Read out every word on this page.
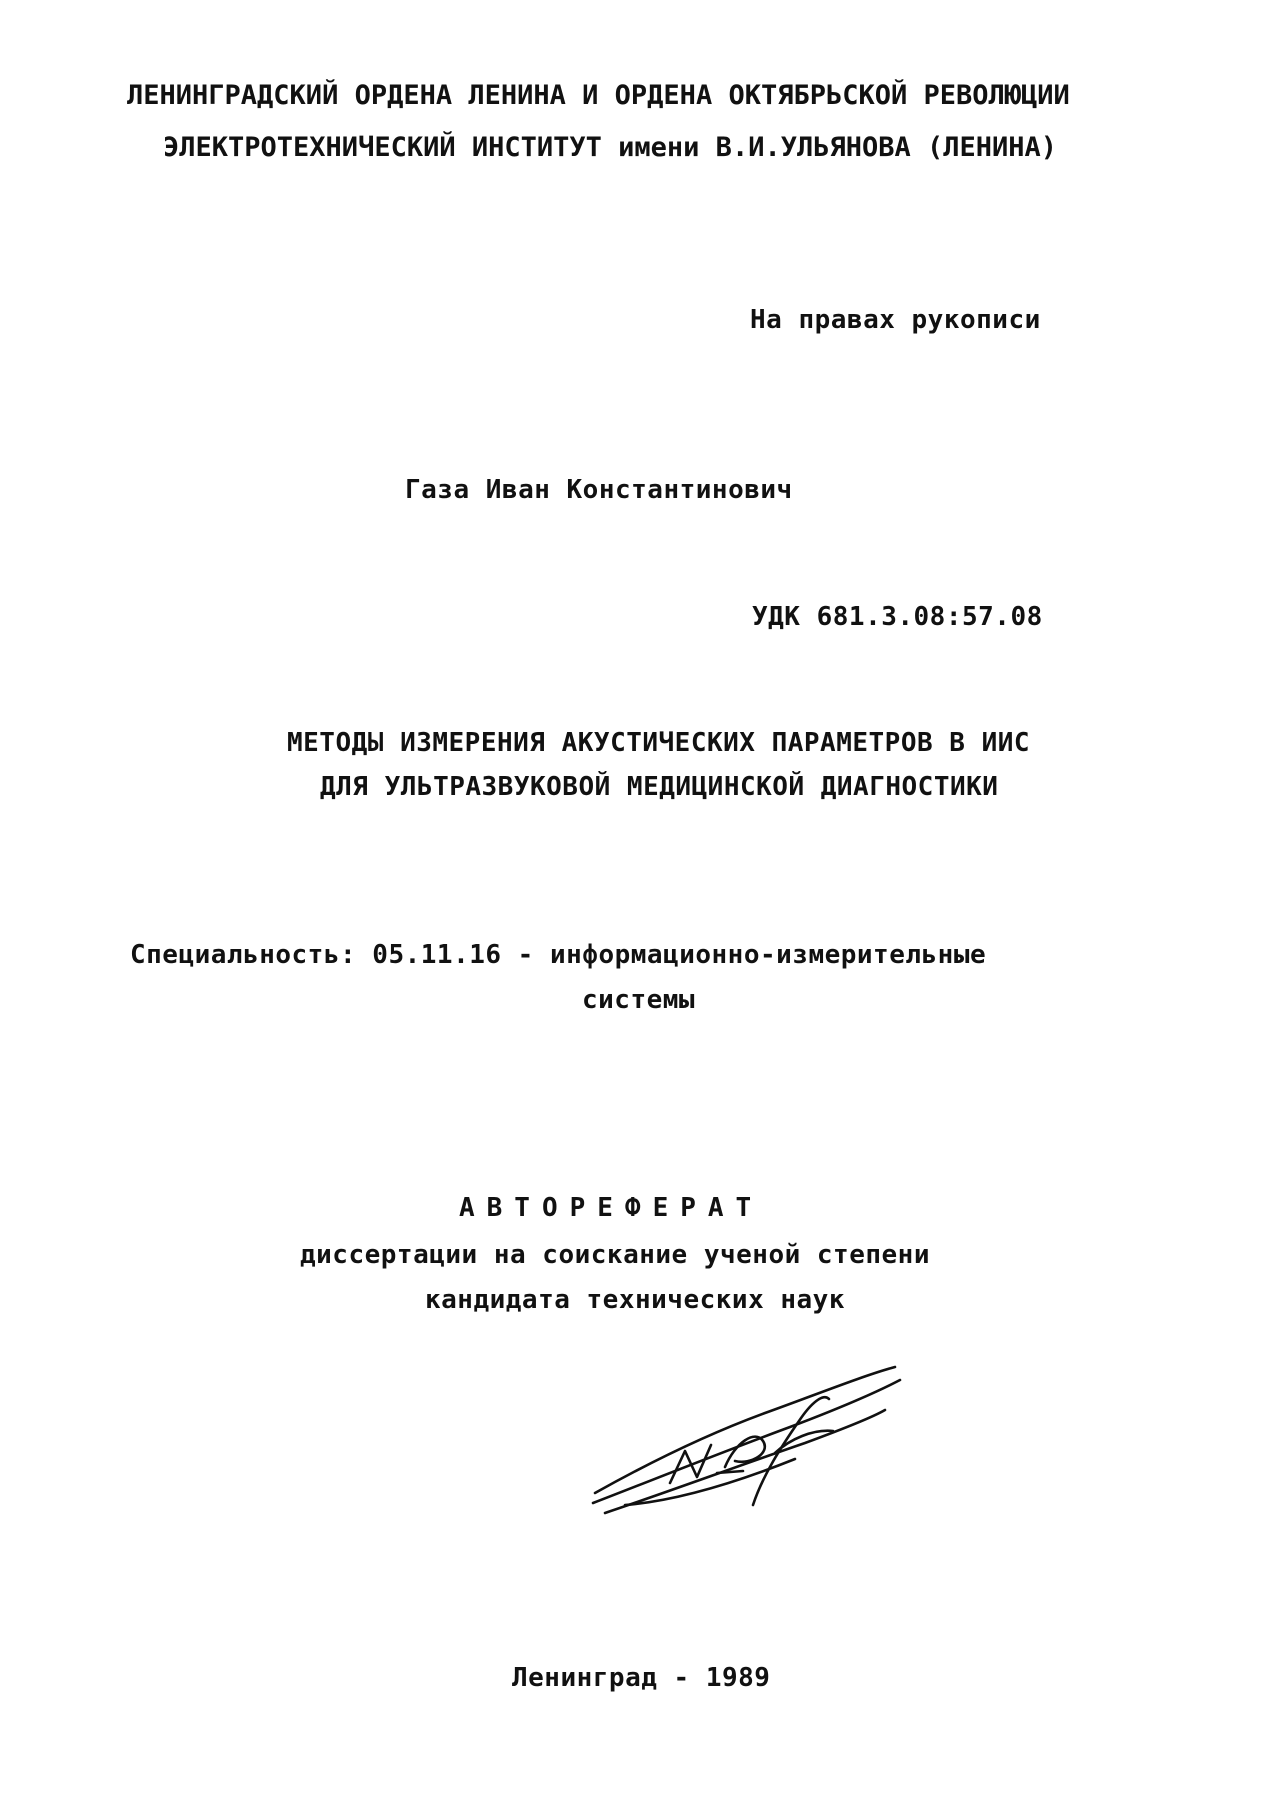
ЛЕНИНГРАДСКИЙ ОРДЕНА ЛЕНИНА И ОРДЕНА ОКТЯБРЬСКОЙ РЕВОЛЮЦИИ
ЭЛЕКТРОТЕХНИЧЕСКИЙ ИНСТИТУТ имени В.И.УЛЬЯНОВА (ЛЕНИНА)
На правах рукописи
Газа Иван Константинович
УДК 681.3.08:57.08
МЕТОДЫ ИЗМЕРЕНИЯ АКУСТИЧЕСКИХ ПАРАМЕТРОВ В ИИС
ДЛЯ УЛЬТРАЗВУКОВОЙ МЕДИЦИНСКОЙ ДИАГНОСТИКИ
Специальность: 05.11.16 - информационно-измерительные
системы
АВТОРЕФЕРАТ
диссертации на соискание ученой степени
кандидата технических наук
Ленинград - 1989
